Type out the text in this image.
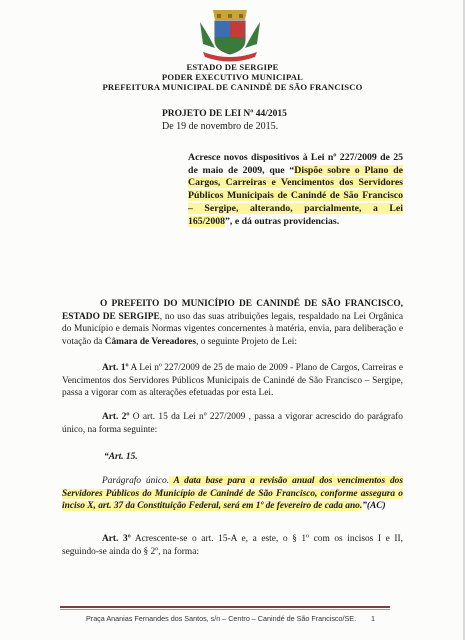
ESTADO DE SERGIPE
PODER EXECUTIVO MUNICIPAL
PREFEITURA MUNICIPAL DE CANINDÉ DE SÃO FRANCISCO
PROJETO DE LEI Nº 44/2015
De 19 de novembro de 2015.
Acresce novos dispositivos à Lei nº 227/2009 de 25 de maio de 2009, que “Dispõe sobre o Plano de Cargos, Carreiras e Vencimentos dos Servidores Públicos Municipais de Canindé de São Francisco – Sergipe, alterando, parcialmente, a Lei 165/2008”, e dá outras providencias.

O PREFEITO DO MUNICÍPIO DE CANINDÉ DE SÃO FRANCISCO, ESTADO DE SERGIPE, no uso das suas atribuições legais, respaldado na Lei Orgânica do Município e demais Normas vigentes concernentes à matéria, envia, para deliberação e votação da Câmara de Vereadores, o seguinte Projeto de Lei:

Art. 1º A Lei nº 227/2009 de 25 de maio de 2009 - Plano de Cargos, Carreiras e Vencimentos dos Servidores Públicos Municipais de Canindé de São Francisco – Sergipe, passa a vigorar com as alterações efetuadas por esta Lei.

Art. 2º O art. 15 da Lei nº 227/2009 , passa a vigorar acrescido do parágrafo único, na forma seguinte:

“Art. 15.

Parágrafo único. A data base para a revisão anual dos vencimentos dos Servidores Públicos do Município de Canindé de São Francisco, conforme assegura o inciso X, art. 37 da Constituição Federal, será em 1º de fevereiro de cada ano.”(AC)

Art. 3º Acrescente-se o art. 15-A e, a este, o § 1º com os incisos I e II, seguindo-se ainda do § 2º, na forma:

Praça Ananias Fernandes dos Santos, s/n – Centro – Canindé de São Francisco/SE. 1
